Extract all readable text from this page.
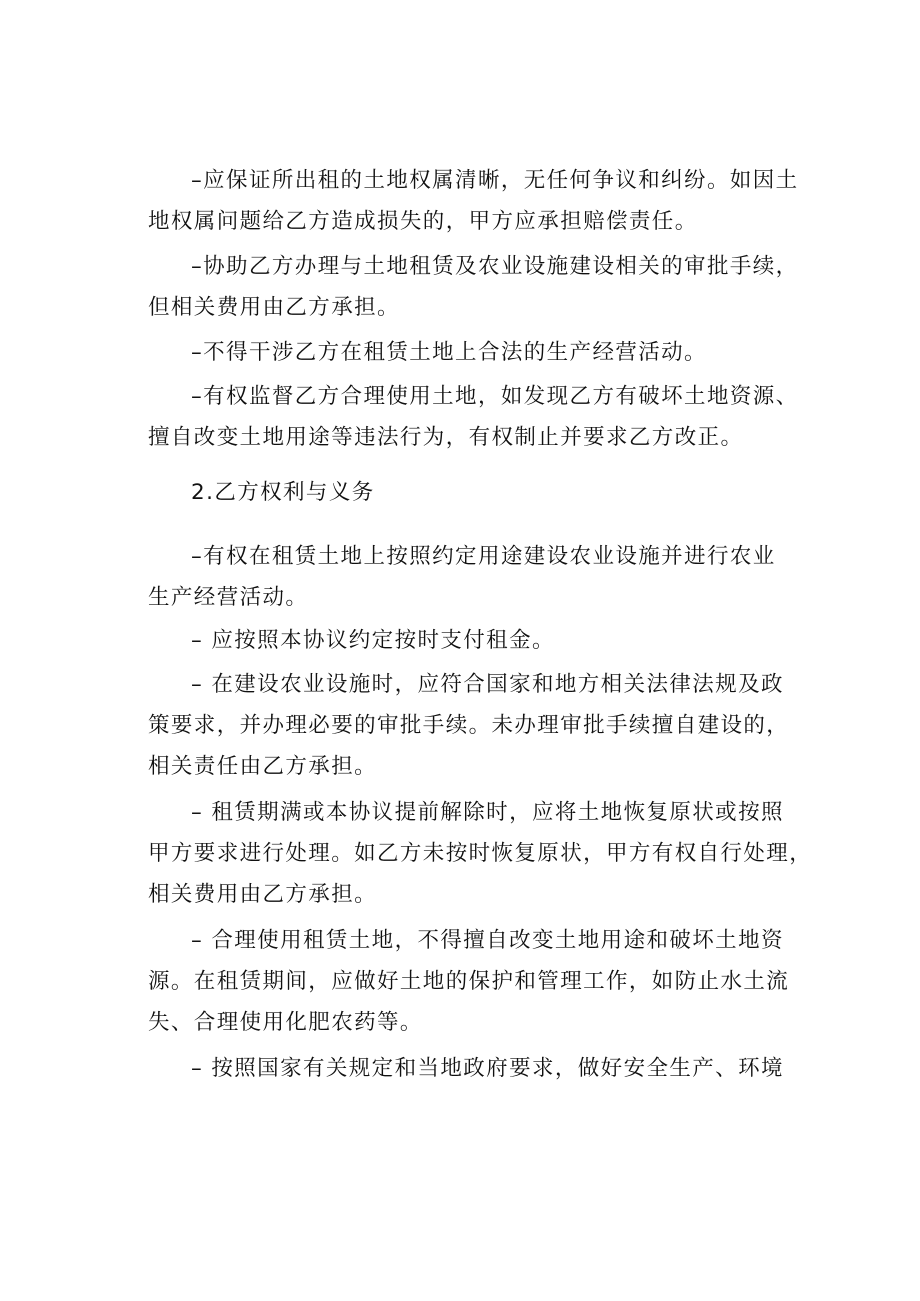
–应保证所出租的土地权属清晰，无任何争议和纠纷。如因土
地权属问题给乙方造成损失的，甲方应承担赔偿责任。

–协助乙方办理与土地租赁及农业设施建设相关的审批手续，
但相关费用由乙方承担。

–不得干涉乙方在租赁土地上合法的生产经营活动。

–有权监督乙方合理使用土地，如发现乙方有破坏土地资源、
擅自改变土地用途等违法行为，有权制止并要求乙方改正。

2.乙方权利与义务

–有权在租赁土地上按照约定用途建设农业设施并进行农业
生产经营活动。

– 应按照本协议约定按时支付租金。

– 在建设农业设施时，应符合国家和地方相关法律法规及政
策要求，并办理必要的审批手续。未办理审批手续擅自建设的，
相关责任由乙方承担。

– 租赁期满或本协议提前解除时，应将土地恢复原状或按照
甲方要求进行处理。如乙方未按时恢复原状，甲方有权自行处理，
相关费用由乙方承担。

– 合理使用租赁土地，不得擅自改变土地用途和破坏土地资
源。在租赁期间，应做好土地的保护和管理工作，如防止水土流
失、合理使用化肥农药等。

– 按照国家有关规定和当地政府要求，做好安全生产、环境
